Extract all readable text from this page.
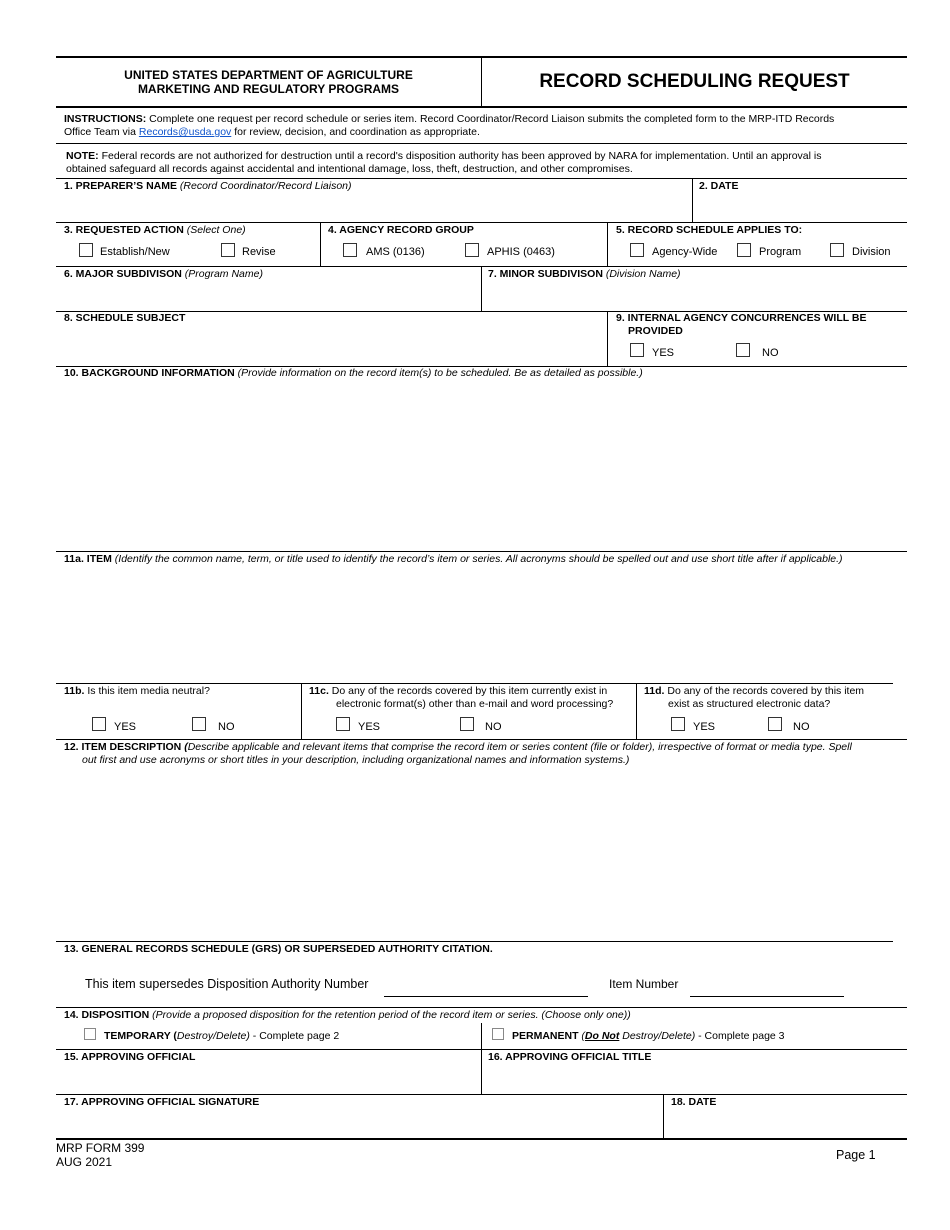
UNITED STATES DEPARTMENT OF AGRICULTURE
MARKETING AND REGULATORY PROGRAMS	RECORD SCHEDULING REQUEST
INSTRUCTIONS: Complete one request per record schedule or series item. Record Coordinator/Record Liaison submits the completed form to the MRP-ITD Records
Office Team via Records@usda.gov for review, decision, and coordination as appropriate.
NOTE: Federal records are not authorized for destruction until a record's disposition authority has been approved by NARA for implementation. Until an approval is
obtained safeguard all records against accidental and intentional damage, loss, theft, destruction, and other compromises.
1. PREPARER’S NAME (Record Coordinator/Record Liaison)	2. DATE
3. REQUESTED ACTION (Select One)
Establish/New	Revise
4. AGENCY RECORD GROUP
AMS (0136)	APHIS (0463)
5. RECORD SCHEDULE APPLIES TO:
Agency-Wide	Program	Division
6. MAJOR SUBDIVISON (Program Name)	7. MINOR SUBDIVISON (Division Name)
8. SCHEDULE SUBJECT	9. INTERNAL AGENCY CONCURRENCES WILL BE
PROVIDED
YES	NO
10. BACKGROUND INFORMATION (Provide information on the record item(s) to be scheduled. Be as detailed as possible.)
11a. ITEM (Identify the common name, term, or title used to identify the record’s item or series. All acronyms should be spelled out and use short title after if applicable.)
11b. Is this item media neutral?
YES	NO
11c. Do any of the records covered by this item currently exist in
electronic format(s) other than e-mail and word processing?
YES	NO
11d. Do any of the records covered by this item
exist as structured electronic data?
YES	NO
12. ITEM DESCRIPTION (Describe applicable and relevant items that comprise the record item or series content (file or folder), irrespective of format or media type. Spell
out first and use acronyms or short titles in your description, including organizational names and information systems.)
13. GENERAL RECORDS SCHEDULE (GRS) OR SUPERSEDED AUTHORITY CITATION.
This item supersedes Disposition Authority Number	Item Number
14. DISPOSITION (Provide a proposed disposition for the retention period of the record item or series. (Choose only one))
TEMPORARY (Destroy/Delete) - Complete page 2	PERMANENT (Do Not Destroy/Delete) - Complete page 3
15. APPROVING OFFICIAL	16. APPROVING OFFICIAL TITLE
17. APPROVING OFFICIAL SIGNATURE	18. DATE
MRP FORM 399
AUG 2021	Page 1
